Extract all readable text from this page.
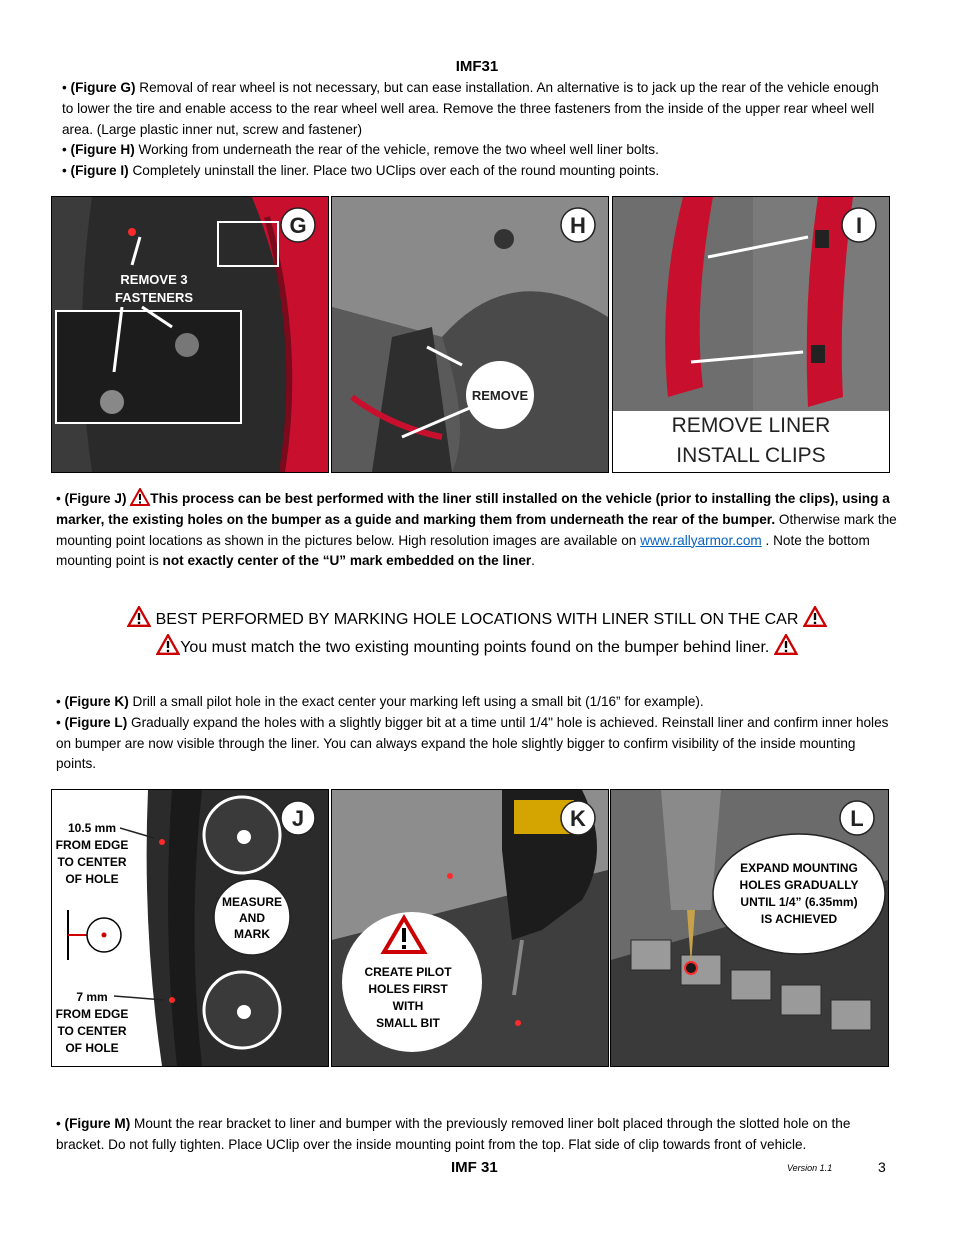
IMF31
• (Figure G) Removal of rear wheel is not necessary, but can ease installation. An alternative is to jack up the rear of the vehicle enough to lower the tire and enable access to the rear wheel well area. Remove the three fasteners from the inside of the upper rear wheel well area. (Large plastic inner nut, screw and fastener)
• (Figure H) Working from underneath the rear of the vehicle, remove the two wheel well liner bolts.
• (Figure I) Completely uninstall the liner. Place two UClips over each of the round mounting points.
G
REMOVE 3
FASTENERS
H
REMOVE
I
REMOVE LINER
INSTALL CLIPS
• (Figure J) This process can be best performed with the liner still installed on the vehicle (prior to installing the clips), using a marker, the existing holes on the bumper as a guide and marking them from underneath the rear of the bumper. Otherwise mark the mounting point locations as shown in the pictures below. High resolution images are available on www.rallyarmor.com . Note the bottom mounting point is not exactly center of the “U” mark embedded on the liner.
BEST PERFORMED BY MARKING HOLE LOCATIONS WITH LINER STILL ON THE CAR
You must match the two existing mounting points found on the bumper behind liner.
• (Figure K) Drill a small pilot hole in the exact center your marking left using a small bit (1/16” for example).
• (Figure L) Gradually expand the holes with a slightly bigger bit at a time until 1/4" hole is achieved. Reinstall liner and confirm inner holes on bumper are now visible through the liner. You can always expand the hole slightly bigger to confirm visibility of the inside mounting points.
J
10.5 mm
FROM EDGE
TO CENTER
OF HOLE
7 mm
FROM EDGE
TO CENTER
OF HOLE
MEASURE
AND
MARK
K
CREATE PILOT
HOLES FIRST
WITH
SMALL BIT
L
EXPAND MOUNTING
HOLES GRADUALLY
UNTIL 1/4” (6.35mm)
IS ACHIEVED
• (Figure M) Mount the rear bracket to liner and bumper with the previously removed liner bolt placed through the slotted hole on the bracket. Do not fully tighten. Place UClip over the inside mounting point from the top. Flat side of clip towards front of vehicle.
IMF 31	Version 1.1	3
